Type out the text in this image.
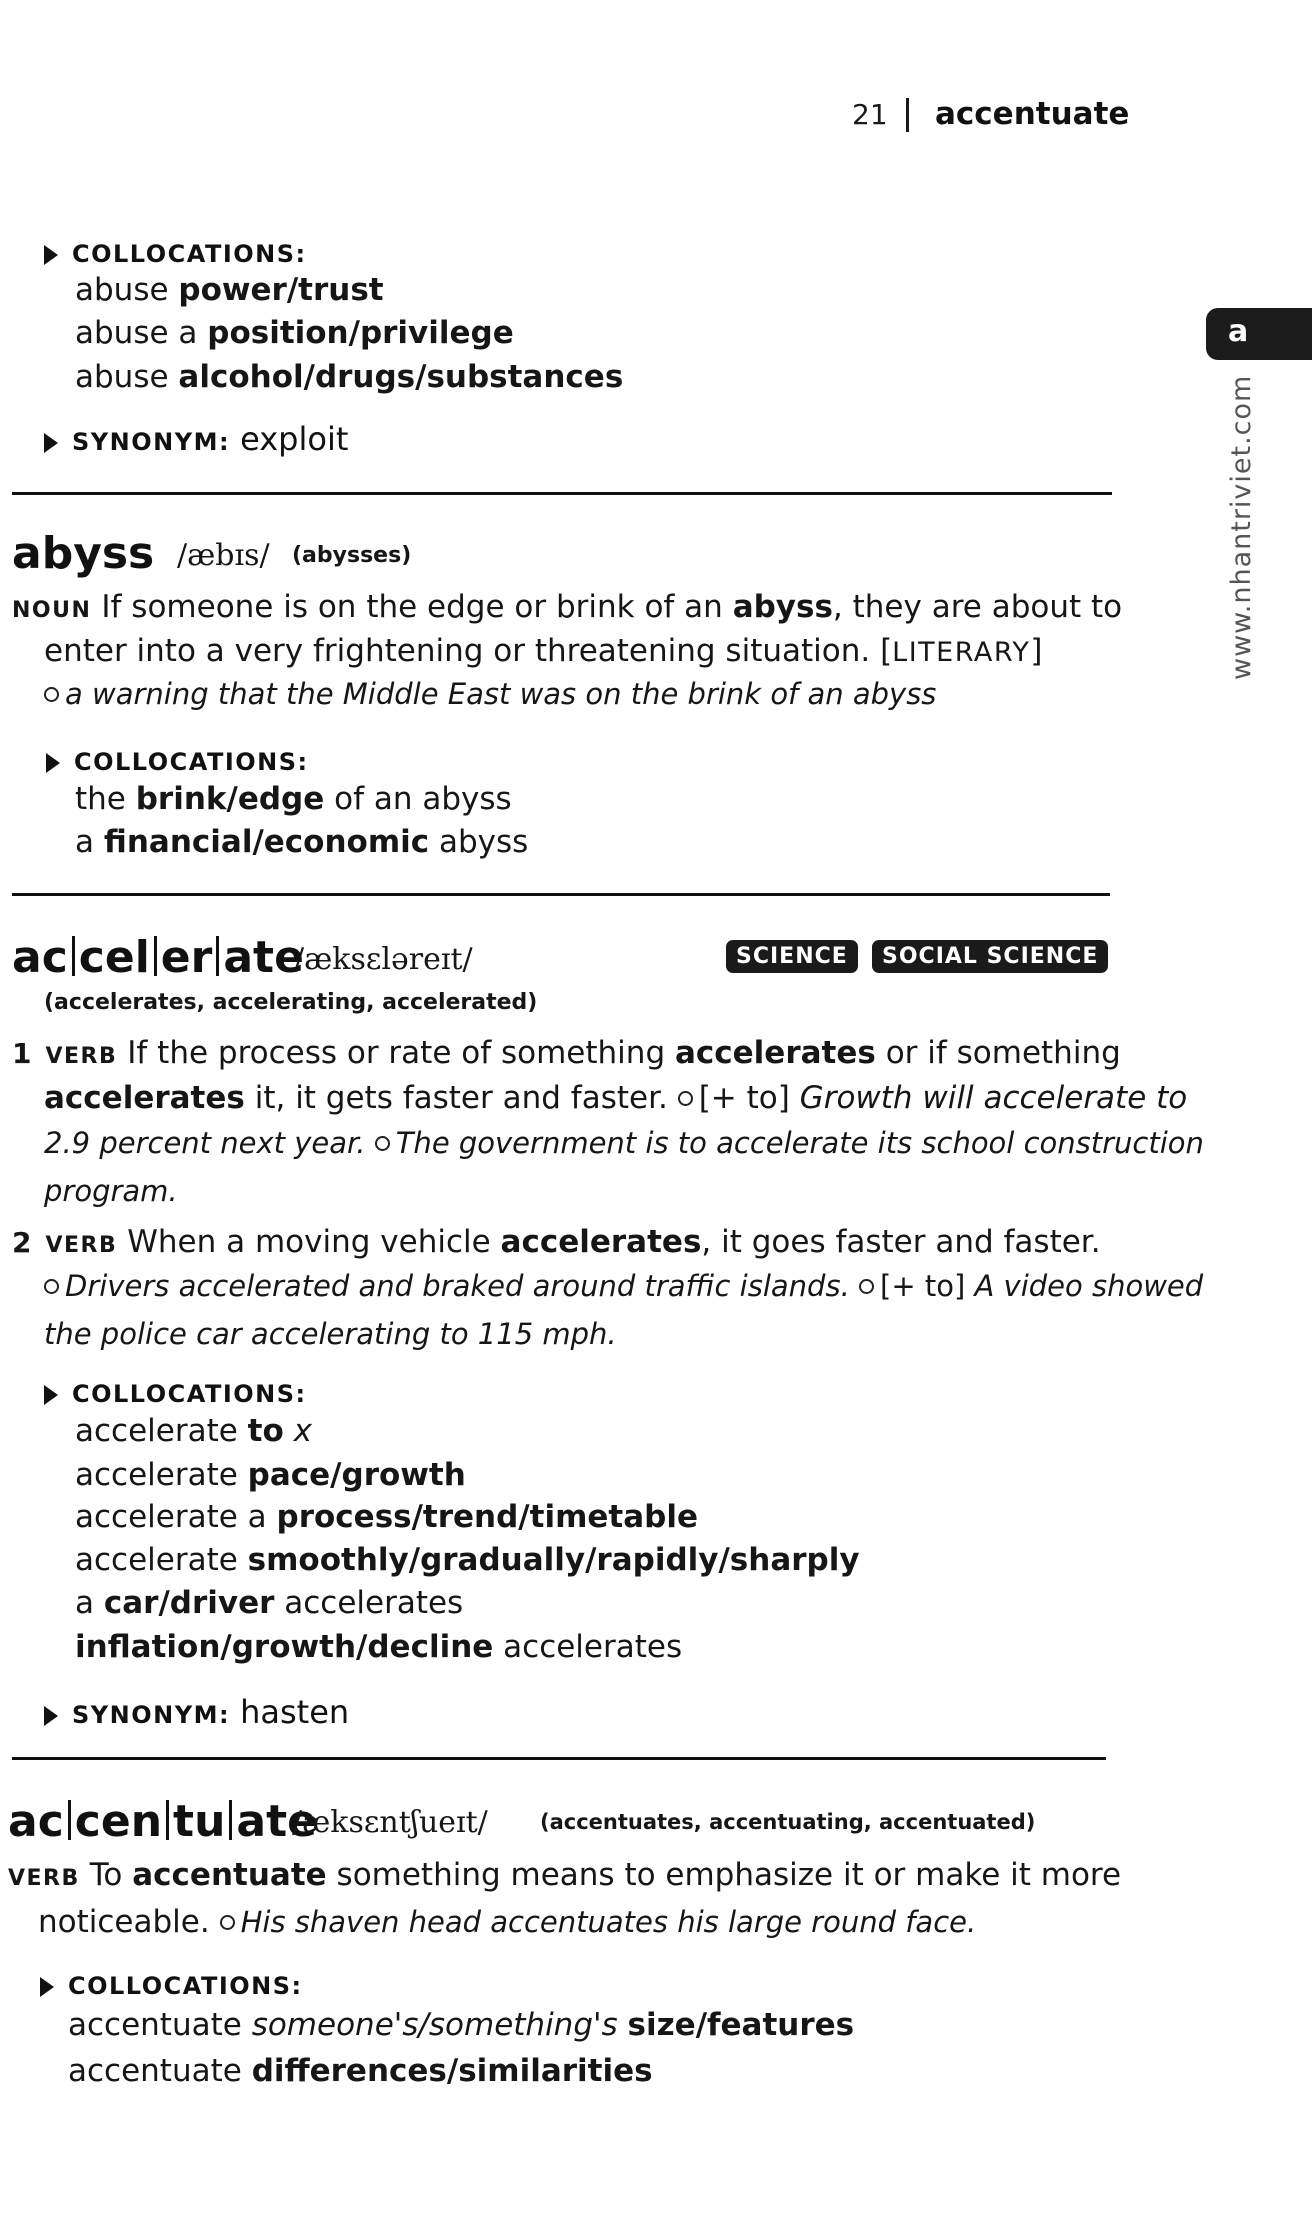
21 accentuate
a
www.nhantriviet.com
COLLOCATIONS:
abuse power/trust
abuse a position/privilege
abuse alcohol/drugs/substances
SYNONYM: exploit
abyss /æbɪs/ (abysses)
NOUN If someone is on the edge or brink of an abyss, they are about to
enter into a very frightening or threatening situation. [LITERARY]
a warning that the Middle East was on the brink of an abyss
COLLOCATIONS:
the brink/edge of an abyss
a financial/economic abyss
ac cel er ate
/æksɛləreɪt/	SCIENCE	SOCIAL SCIENCE
(accelerates, accelerating, accelerated)
1 VERB If the process or rate of something accelerates or if something
accelerates it, it gets faster and faster. [+ to] Growth will accelerate to
2.9 percent next year. The government is to accelerate its school construction
program.
2 VERB When a moving vehicle accelerates, it goes faster and faster.
Drivers accelerated and braked around traffic islands. [+ to] A video showed
the police car accelerating to 115 mph.
COLLOCATIONS:
accelerate to x
accelerate pace/growth
accelerate a process/trend/timetable
accelerate smoothly/gradually/rapidly/sharply
a car/driver accelerates
inflation/growth/decline accelerates
SYNONYM: hasten
ac cen tu ate
/æksɛntʃueɪt/ (accentuates, accentuating, accentuated)
VERB To accentuate something means to emphasize it or make it more
noticeable. His shaven head accentuates his large round face.
COLLOCATIONS:
accentuate someone's/something's size/features
accentuate differences/similarities
